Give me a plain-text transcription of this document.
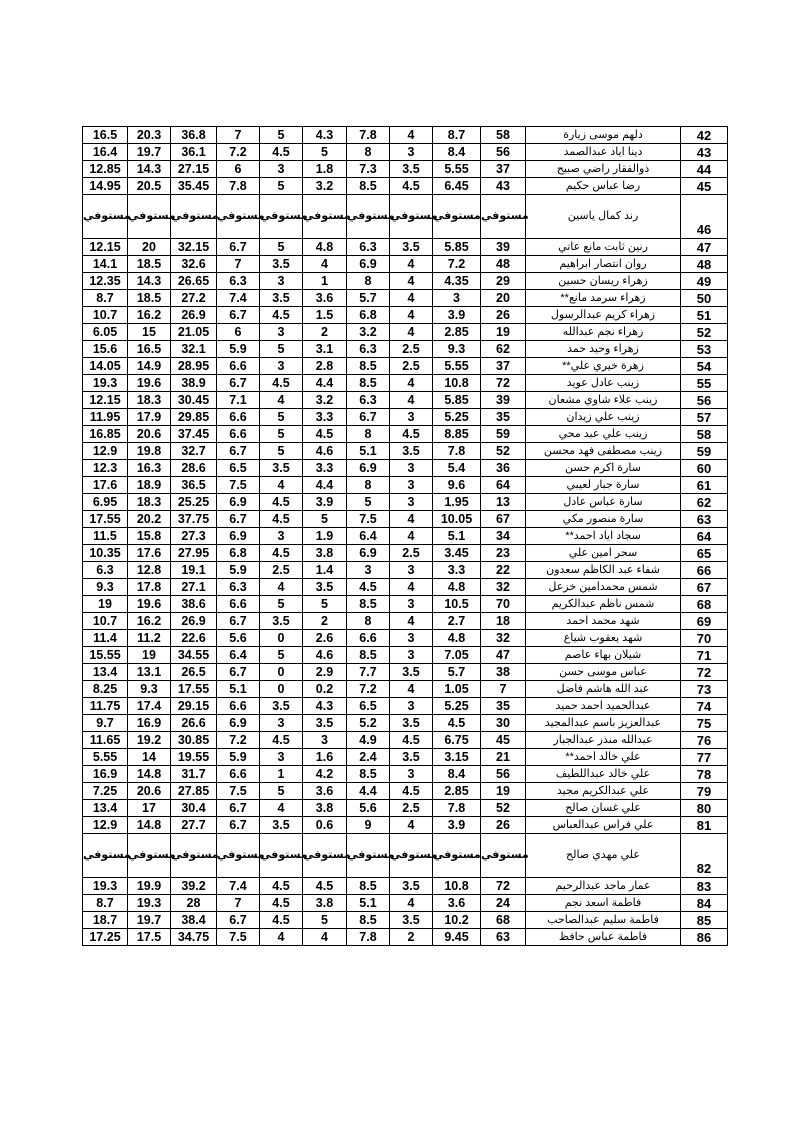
16.5	20.3	36.8	7	5	4.3	7.8	4	8.7	58	دلهم موسى زيارة	42
16.4	19.7	36.1	7.2	4.5	5	8	3	8.4	56	دينا اياد عبدالصمد	43
12.85	14.3	27.15	6	3	1.8	7.3	3.5	5.55	37	ذوالفقار راضي صبيح	44
14.95	20.5	35.45	7.8	5	3.2	8.5	4.5	6.45	43	رضا عباس حكيم	45
مستوفي	مستوفي	مستوفي	مستوفي	مستوفي	مستوفي	مستوفي	مستوفي	مستوفي	مستوفي	رند كمال ياسين	46
12.15	20	32.15	6.7	5	4.8	6.3	3.5	5.85	39	رنين ثابت مانع عاتي	47
14.1	18.5	32.6	7	3.5	4	6.9	4	7.2	48	روان انتصار ابراهيم	48
12.35	14.3	26.65	6.3	3	1	8	4	4.35	29	زهراء ريسان حسين	49
8.7	18.5	27.2	7.4	3.5	3.6	5.7	4	3	20	زهراء سرمد مانع**	50
10.7	16.2	26.9	6.7	4.5	1.5	6.8	4	3.9	26	زهراء كريم عبدالرسول	51
6.05	15	21.05	6	3	2	3.2	4	2.85	19	زهراء نجم عبدالله	52
15.6	16.5	32.1	5.9	5	3.1	6.3	2.5	9.3	62	زهراء وحيد حمد	53
14.05	14.9	28.95	6.6	3	2.8	8.5	2.5	5.55	37	زهرة خيري علي**	54
19.3	19.6	38.9	6.7	4.5	4.4	8.5	4	10.8	72	زينب عادل عويد	55
12.15	18.3	30.45	7.1	4	3.2	6.3	4	5.85	39	زينب علاء شاوي مشعان	56
11.95	17.9	29.85	6.6	5	3.3	6.7	3	5.25	35	زينب علي زيدان	57
16.85	20.6	37.45	6.6	5	4.5	8	4.5	8.85	59	زينب علي عبد محي	58
12.9	19.8	32.7	6.7	5	4.6	5.1	3.5	7.8	52	زينب مصطفى فهد محسن	59
12.3	16.3	28.6	6.5	3.5	3.3	6.9	3	5.4	36	سارة اكرم حسن	60
17.6	18.9	36.5	7.5	4	4.4	8	3	9.6	64	سارة جبار لعيبي	61
6.95	18.3	25.25	6.9	4.5	3.9	5	3	1.95	13	سارة عباس عادل	62
17.55	20.2	37.75	6.7	4.5	5	7.5	4	10.05	67	سارة منصور مكي	63
11.5	15.8	27.3	6.9	3	1.9	6.4	4	5.1	34	سجاد اياد احمد**	64
10.35	17.6	27.95	6.8	4.5	3.8	6.9	2.5	3.45	23	سحر امين علي	65
6.3	12.8	19.1	5.9	2.5	1.4	3	3	3.3	22	شفاء عبد الكاظم سعدون	66
9.3	17.8	27.1	6.3	4	3.5	4.5	4	4.8	32	شمس محمدامين خزعل	67
19	19.6	38.6	6.6	5	5	8.5	3	10.5	70	شمس ناظم عبدالكريم	68
10.7	16.2	26.9	6.7	3.5	2	8	4	2.7	18	شهد محمد احمد	69
11.4	11.2	22.6	5.6	0	2.6	6.6	3	4.8	32	شهد يعقوب شياع	70
15.55	19	34.55	6.4	5	4.6	8.5	3	7.05	47	شيلان بهاء عاصم	71
13.4	13.1	26.5	6.7	0	2.9	7.7	3.5	5.7	38	عباس موسى حسن	72
8.25	9.3	17.55	5.1	0	0.2	7.2	4	1.05	7	عبد الله هاشم فاضل	73
11.75	17.4	29.15	6.6	3.5	4.3	6.5	3	5.25	35	عبدالحميد احمد حميد	74
9.7	16.9	26.6	6.9	3	3.5	5.2	3.5	4.5	30	عبدالعزيز باسم عبدالمجيد	75
11.65	19.2	30.85	7.2	4.5	3	4.9	4.5	6.75	45	عبدالله منذر عبدالجبار	76
5.55	14	19.55	5.9	3	1.6	2.4	3.5	3.15	21	علي خالد احمد**	77
16.9	14.8	31.7	6.6	1	4.2	8.5	3	8.4	56	علي خالد عبداللطيف	78
7.25	20.6	27.85	7.5	5	3.6	4.4	4.5	2.85	19	علي عبدالكريم مجيد	79
13.4	17	30.4	6.7	4	3.8	5.6	2.5	7.8	52	علي غسان صالح	80
12.9	14.8	27.7	6.7	3.5	0.6	9	4	3.9	26	علي فراس عبدالعباس	81
مستوفي	مستوفي	مستوفي	مستوفي	مستوفي	مستوفي	مستوفي	مستوفي	مستوفي	مستوفي	علي مهدي صالح	82
19.3	19.9	39.2	7.4	4.5	4.5	8.5	3.5	10.8	72	عمار ماجد عبدالرحيم	83
8.7	19.3	28	7	4.5	3.8	5.1	4	3.6	24	فاطمة اسعد نجم	84
18.7	19.7	38.4	6.7	4.5	5	8.5	3.5	10.2	68	فاطمة سليم عبدالصاحب	85
17.25	17.5	34.75	7.5	4	4	7.8	2	9.45	63	فاطمة عباس حافظ	86
